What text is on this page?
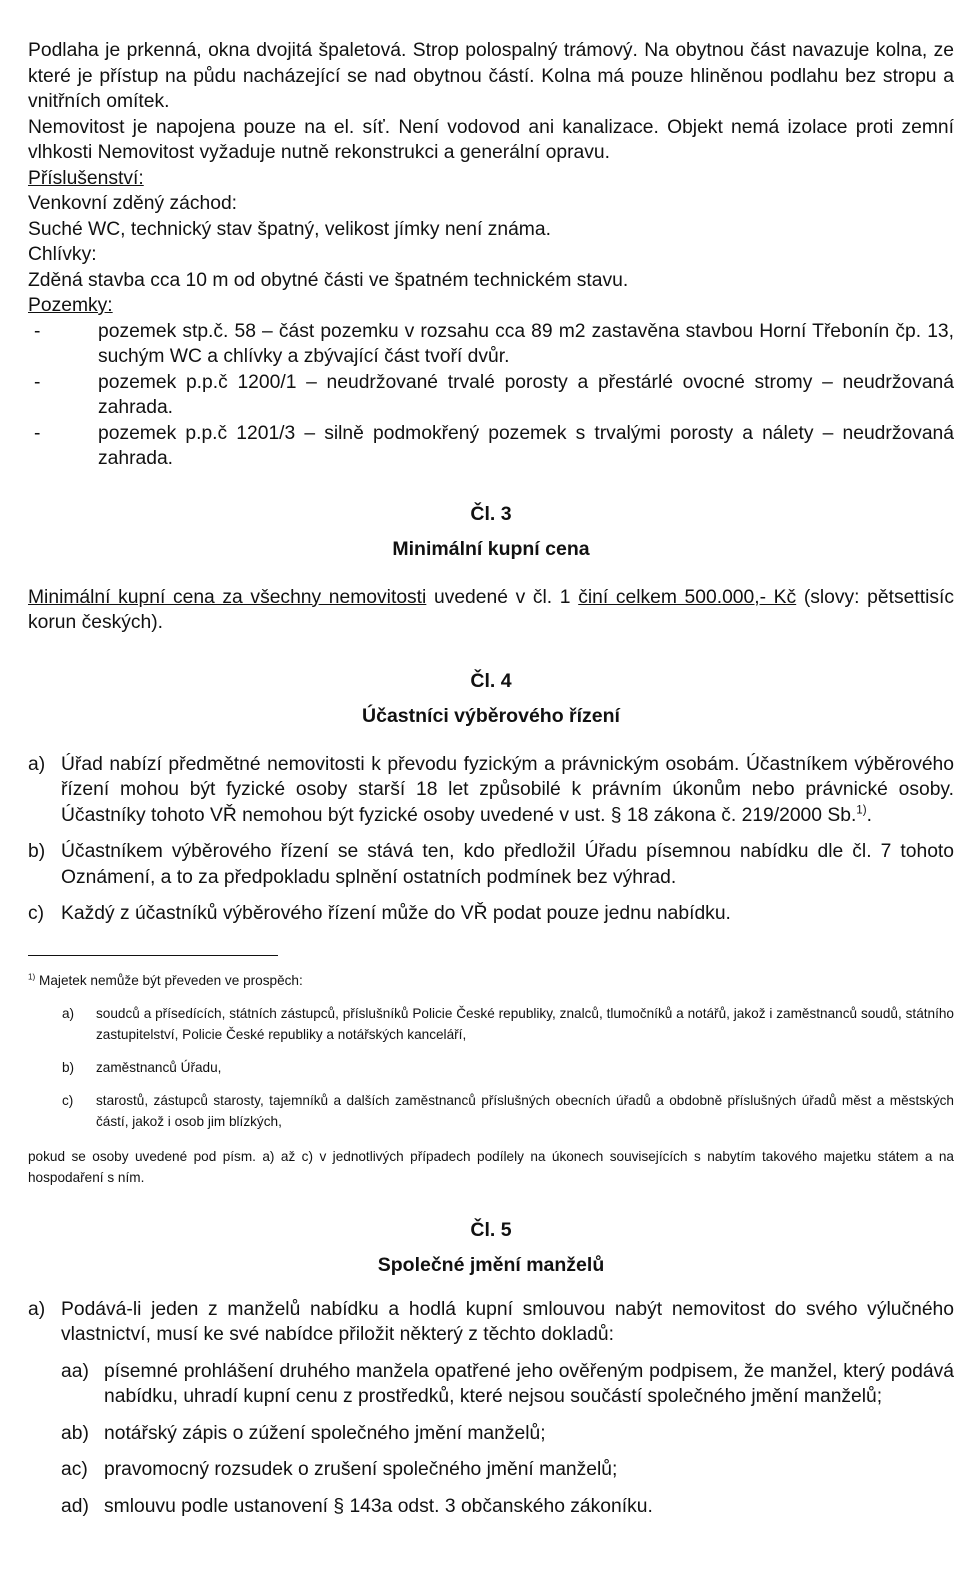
Podlaha je prkenná, okna dvojitá špaletová. Strop polospalný trámový. Na obytnou část navazuje kolna, ze které je přístup na půdu nacházející se nad obytnou částí. Kolna má pouze hliněnou podlahu bez stropu a vnitřních omítek.

Nemovitost je napojena pouze na el. síť. Není vodovod ani kanalizace. Objekt nemá izolace proti zemní vlhkosti Nemovitost vyžaduje nutně rekonstrukci a generální opravu.

Příslušenství:

Venkovní zděný záchod:

Suché WC, technický stav špatný, velikost jímky není známa.

Chlívky:

Zděná stavba cca 10 m od obytné části ve špatném technickém stavu.

Pozemky:

-	pozemek stp.č. 58 – část pozemku v rozsahu cca 89 m2 zastavěna stavbou Horní Třebonín čp. 13, suchým WC a chlívky a zbývající část tvoří dvůr.
-	pozemek p.p.č 1200/1 – neudržované trvalé porosty a přestárlé ovocné stromy – neudržovaná zahrada.
-	pozemek p.p.č 1201/3 – silně podmokřený pozemek s trvalými porosty a nálety – neudržovaná zahrada.
Čl. 3
Minimální kupní cena

Minimální kupní cena za všechny nemovitosti uvedené v čl. 1 činí celkem 500.000,- Kč (slovy: pětsettisíc korun českých).

Čl. 4
Účastníci výběrového řízení
a) Úřad nabízí předmětné nemovitosti k převodu fyzickým a právnickým osobám. Účastníkem výběrového řízení mohou být fyzické osoby starší 18 let způsobilé k právním úkonům nebo právnické osoby. Účastníky tohoto VŘ nemohou být fyzické osoby uvedené v ust. § 18 zákona č. 219/2000 Sb.$^{1)}$.
b) Účastníkem výběrového řízení se stává ten, kdo předložil Úřadu písemnou nabídku dle čl. 7 tohoto Oznámení, a to za předpokladu splnění ostatních podmínek bez výhrad.
c) Každý z účastníků výběrového řízení může do VŘ podat pouze jednu nabídku.

$^{1)}$ Majetek nemůže být převeden ve prospěch:

a) soudců a přísedících, státních zástupců, příslušníků Policie České republiky, znalců, tlumočníků a notářů, jakož i zaměstnanců soudů, státního zastupitelství, Policie České republiky a notářských kanceláří,
b) zaměstnanců Úřadu,
c) starostů, zástupců starosty, tajemníků a dalších zaměstnanců příslušných obecních úřadů a obdobně příslušných úřadů měst a městských částí, jakož i osob jim blízkých,

pokud se osoby uvedené pod písm. a) až c) v jednotlivých případech podílely na úkonech souvisejících s nabytím takového majetku státem a na hospodaření s ním.

Čl. 5
Společné jmění manželů
a) Podává-li jeden z manželů nabídku a hodlá kupní smlouvou nabýt nemovitost do svého výlučného vlastnictví, musí ke své nabídce přiložit některý z těchto dokladů:
aa) písemné prohlášení druhého manžela opatřené jeho ověřeným podpisem, že manžel, který podává nabídku, uhradí kupní cenu z prostředků, které nejsou součástí společného jmění manželů;
ab) notářský zápis o zúžení společného jmění manželů;
ac) pravomocný rozsudek o zrušení společného jmění manželů;
ad) smlouvu podle ustanovení § 143a odst. 3 občanského zákoníku.
